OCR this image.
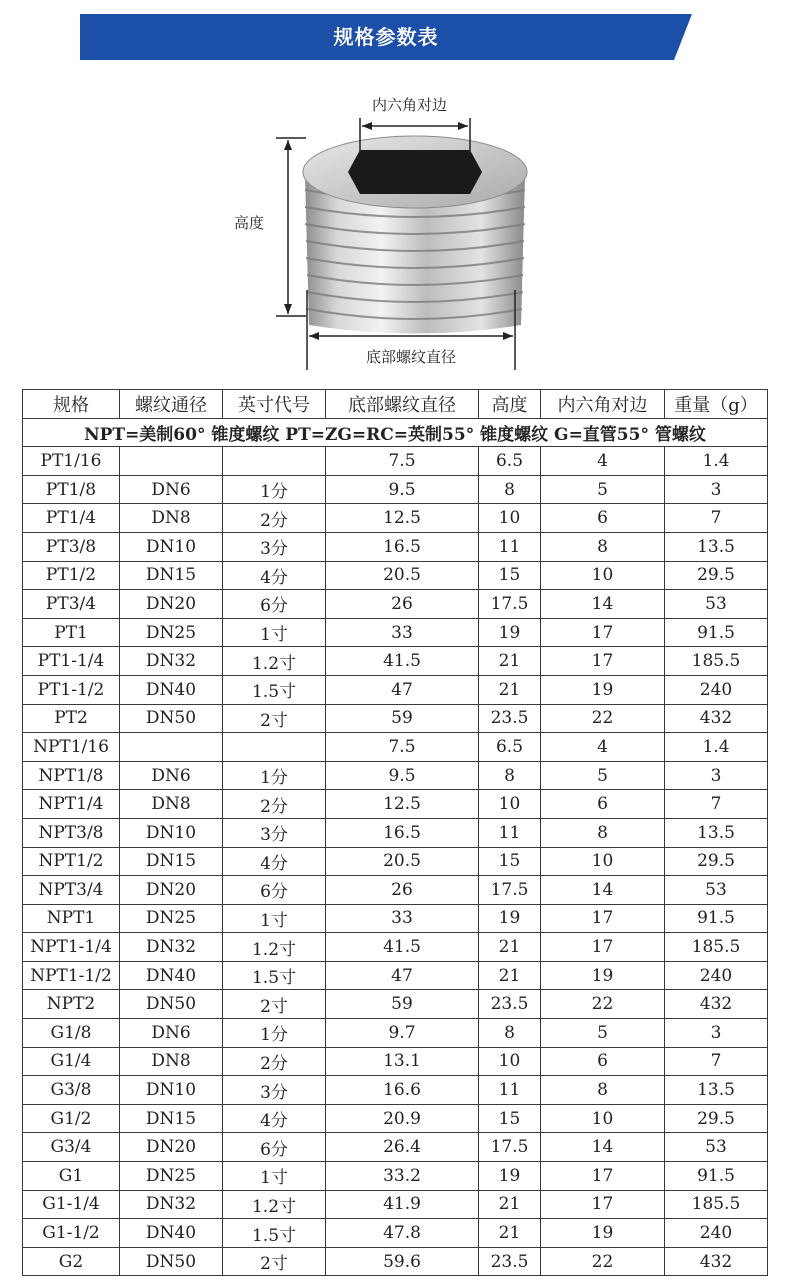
规格参数表
内六角对边
高度
底部螺纹直径
规格	螺纹通径	英寸代号	底部螺纹直径	高度	内六角对边	重量（g）
NPT=美制60° 锥度螺纹 PT=ZG=RC=英制55° 锥度螺纹 G=直管55° 管螺纹						
PT1/16			7.5	6.5	4	1.4
PT1/8	DN6	1分	9.5	8	5	3
PT1/4	DN8	2分	12.5	10	6	7
PT3/8	DN10	3分	16.5	11	8	13.5
PT1/2	DN15	4分	20.5	15	10	29.5
PT3/4	DN20	6分	26	17.5	14	53
PT1	DN25	1寸	33	19	17	91.5
PT1-1/4	DN32	1.2寸	41.5	21	17	185.5
PT1-1/2	DN40	1.5寸	47	21	19	240
PT2	DN50	2寸	59	23.5	22	432
NPT1/16			7.5	6.5	4	1.4
NPT1/8	DN6	1分	9.5	8	5	3
NPT1/4	DN8	2分	12.5	10	6	7
NPT3/8	DN10	3分	16.5	11	8	13.5
NPT1/2	DN15	4分	20.5	15	10	29.5
NPT3/4	DN20	6分	26	17.5	14	53
NPT1	DN25	1寸	33	19	17	91.5
NPT1-1/4	DN32	1.2寸	41.5	21	17	185.5
NPT1-1/2	DN40	1.5寸	47	21	19	240
NPT2	DN50	2寸	59	23.5	22	432
G1/8	DN6	1分	9.7	8	5	3
G1/4	DN8	2分	13.1	10	6	7
G3/8	DN10	3分	16.6	11	8	13.5
G1/2	DN15	4分	20.9	15	10	29.5
G3/4	DN20	6分	26.4	17.5	14	53
G1	DN25	1寸	33.2	19	17	91.5
G1-1/4	DN32	1.2寸	41.9	21	17	185.5
G1-1/2	DN40	1.5寸	47.8	21	19	240
G2	DN50	2寸	59.6	23.5	22	432
